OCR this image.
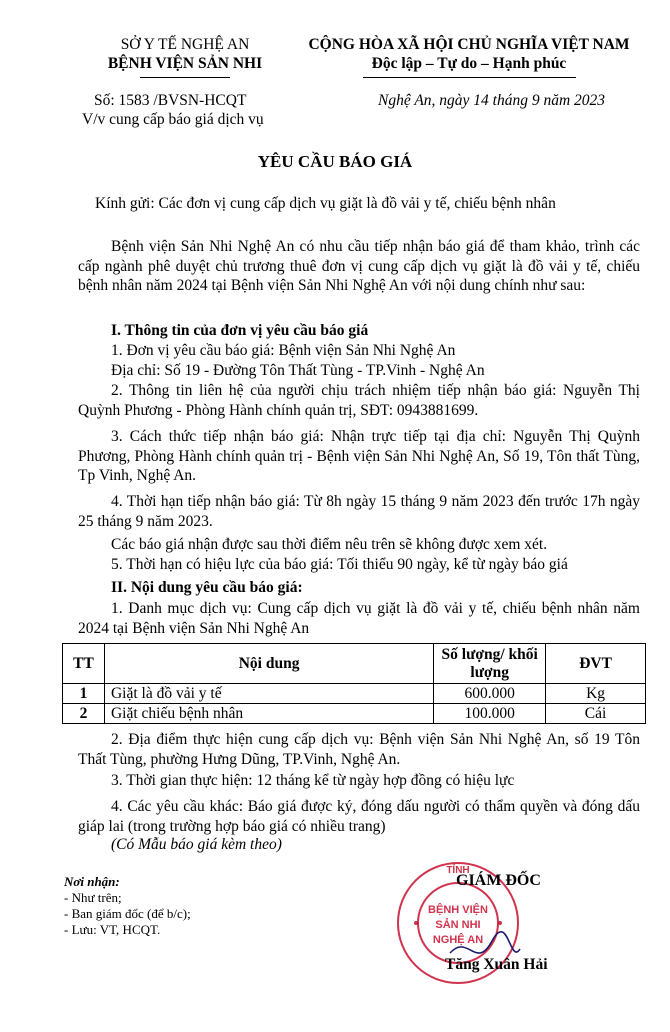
SỞ Y TẾ NGHỆ AN
BỆNH VIỆN SẢN NHI
CỘNG HÒA XÃ HỘI CHỦ NGHĨA VIỆT NAM
Độc lập – Tự do – Hạnh phúc
Số: 1583 /BVSN-HCQT
V/v cung cấp báo giá dịch vụ
Nghệ An, ngày 14 tháng 9 năm 2023
YÊU CẦU BÁO GIÁ
Kính gửi: Các đơn vị cung cấp dịch vụ giặt là đồ vải y tế, chiếu bệnh nhân
Bệnh viện Sản Nhi Nghệ An có nhu cầu tiếp nhận báo giá để tham khảo, trình các cấp ngành phê duyệt chủ trương thuê đơn vị cung cấp dịch vụ giặt là đồ vải y tế, chiếu bệnh nhân năm 2024 tại Bệnh viện Sản Nhi Nghệ An với nội dung chính như sau:
I. Thông tin của đơn vị yêu cầu báo giá
1. Đơn vị yêu cầu báo giá: Bệnh viện Sản Nhi Nghệ An
Địa chỉ: Số 19 - Đường Tôn Thất Tùng - TP.Vinh - Nghệ An
2. Thông tin liên hệ của người chịu trách nhiệm tiếp nhận báo giá: Nguyễn Thị Quỳnh Phương - Phòng Hành chính quản trị, SĐT: 0943881699.
3. Cách thức tiếp nhận báo giá: Nhận trực tiếp tại địa chỉ: Nguyễn Thị Quỳnh Phương, Phòng Hành chính quản trị - Bệnh viện Sản Nhi Nghệ An, Số 19, Tôn thất Tùng, Tp Vinh, Nghệ An.
4. Thời hạn tiếp nhận báo giá: Từ 8h ngày 15 tháng 9 năm 2023 đến trước 17h ngày 25 tháng 9 năm 2023.
Các báo giá nhận được sau thời điểm nêu trên sẽ không được xem xét.
5. Thời hạn có hiệu lực của báo giá: Tối thiểu 90 ngày, kể từ ngày báo giá
II. Nội dung yêu cầu báo giá:
1. Danh mục dịch vụ: Cung cấp dịch vụ giặt là đồ vải y tế, chiếu bệnh nhân năm 2024 tại Bệnh viện Sản Nhi Nghệ An
TT	Nội dung	Số lượng/ khối lượng	ĐVT
1	Giặt là đồ vải y tế	600.000	Kg
2	Giặt chiếu bệnh nhân	100.000	Cái
2. Địa điểm thực hiện cung cấp dịch vụ: Bệnh viện Sản Nhi Nghệ An, số 19 Tôn Thất Tùng, phường Hưng Dũng, TP.Vinh, Nghệ An.
3. Thời gian thực hiện: 12 tháng kể từ ngày hợp đồng có hiệu lực
4. Các yêu cầu khác: Báo giá được ký, đóng dấu người có thẩm quyền và đóng dấu giáp lai (trong trường hợp báo giá có nhiều trang)
(Có Mẫu báo giá kèm theo)
Nơi nhận:
- Như trên;
- Ban giám đốc (để b/c);
- Lưu: VT, HCQT.
TỈNH
BỆNH VIỆN
SẢN NHI
NGHỆ AN
GIÁM ĐỐC
Tăng Xuân Hải
